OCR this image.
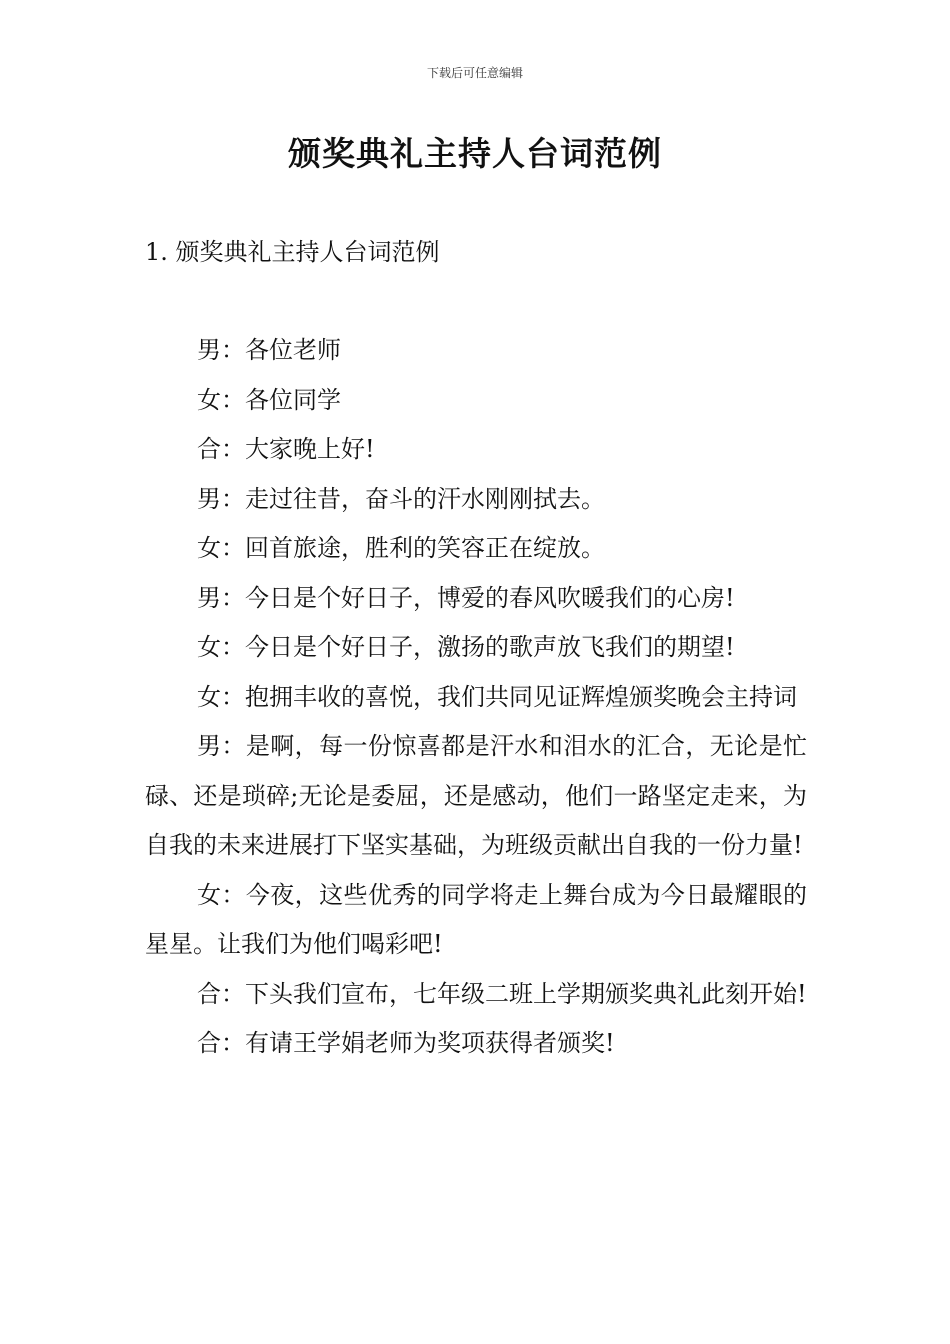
下载后可任意编辑
颁奖典礼主持人台词范例

1. 颁奖典礼主持人台词范例

男：各位老师

女：各位同学

合：大家晚上好!

男：走过往昔，奋斗的汗水刚刚拭去。

女：回首旅途，胜利的笑容正在绽放。

男：今日是个好日子，博爱的春风吹暖我们的心房!

女：今日是个好日子，激扬的歌声放飞我们的期望!

女：抱拥丰收的喜悦，我们共同见证辉煌颁奖晚会主持词

男：是啊，每一份惊喜都是汗水和泪水的汇合，无论是忙碌、还是琐碎;无论是委屈，还是感动，他们一路坚定走来，为自我的未来进展打下坚实基础，为班级贡献出自我的一份力量!

女：今夜，这些优秀的同学将走上舞台成为今日最耀眼的星星。让我们为他们喝彩吧!

合：下头我们宣布，七年级二班上学期颁奖典礼此刻开始!

合：有请王学娟老师为奖项获得者颁奖!
